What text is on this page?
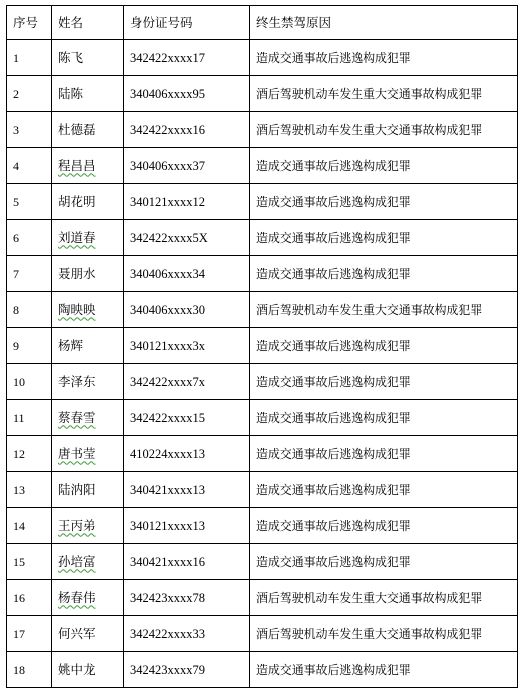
序号	姓名	身份证号码	终生禁驾原因
1	陈飞	342422xxxx17	造成交通事故后逃逸构成犯罪
2	陆陈	340406xxxx95	酒后驾驶机动车发生重大交通事故构成犯罪
3	杜德磊	342422xxxx16	酒后驾驶机动车发生重大交通事故构成犯罪
4	程昌昌	340406xxxx37	造成交通事故后逃逸构成犯罪
5	胡花明	340121xxxx12	造成交通事故后逃逸构成犯罪
6	刘道春	342422xxxx5X	造成交通事故后逃逸构成犯罪
7	聂朋水	340406xxxx34	造成交通事故后逃逸构成犯罪
8	陶映映	340406xxxx30	酒后驾驶机动车发生重大交通事故构成犯罪
9	杨辉	340121xxxx3x	造成交通事故后逃逸构成犯罪
10	李泽东	342422xxxx7x	造成交通事故后逃逸构成犯罪
11	蔡春雪	342422xxxx15	造成交通事故后逃逸构成犯罪
12	唐书莹	410224xxxx13	造成交通事故后逃逸构成犯罪
13	陆汭阳	340421xxxx13	造成交通事故后逃逸构成犯罪
14	王丙弟	340121xxxx13	造成交通事故后逃逸构成犯罪
15	孙培富	340421xxxx16	造成交通事故后逃逸构成犯罪
16	杨春伟	342423xxxx78	酒后驾驶机动车发生重大交通事故构成犯罪
17	何兴军	342422xxxx33	酒后驾驶机动车发生重大交通事故构成犯罪
18	姚中龙	342423xxxx79	造成交通事故后逃逸构成犯罪
